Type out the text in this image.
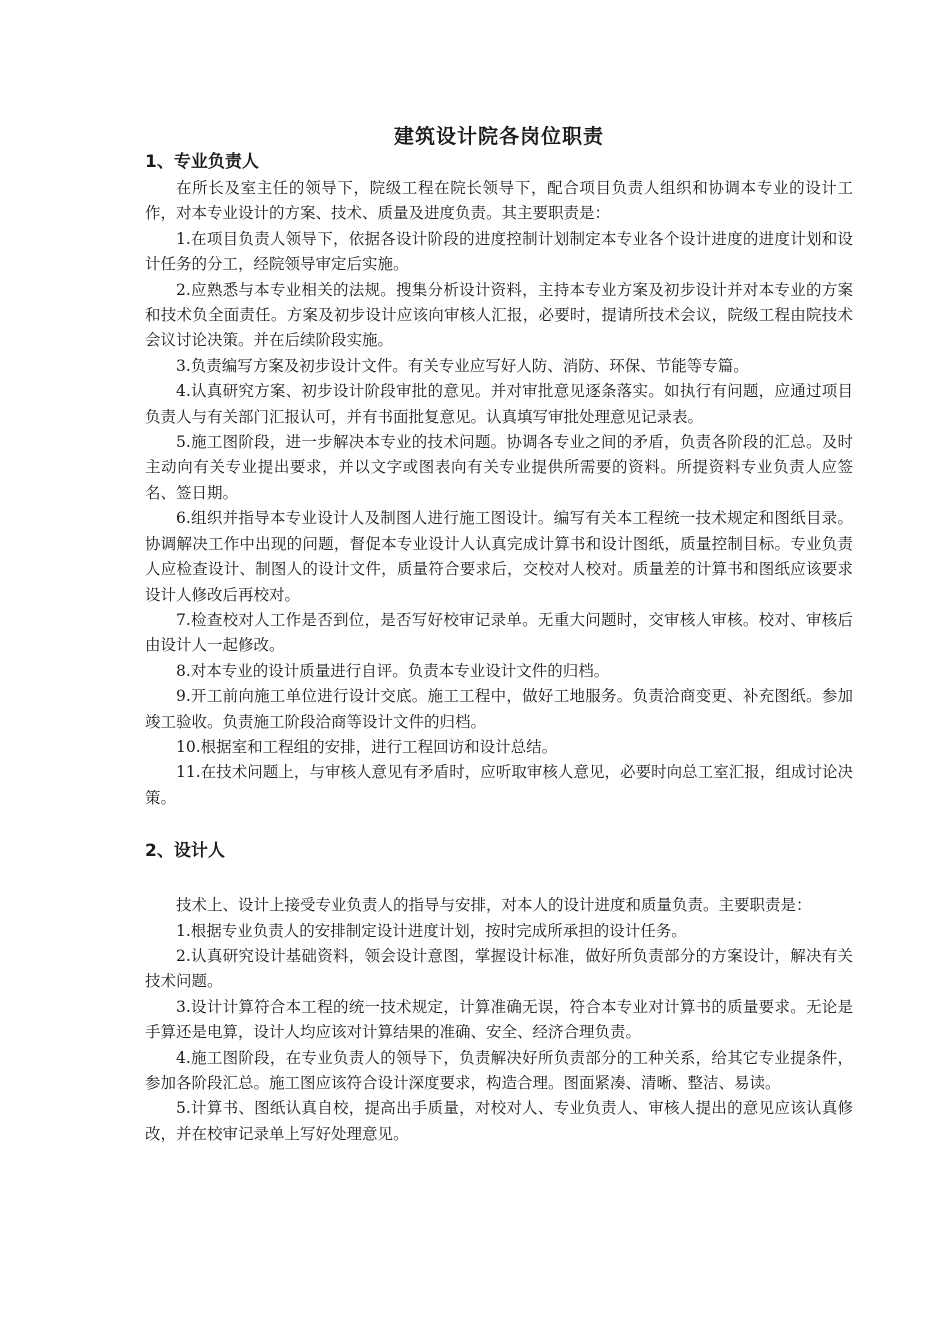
建筑设计院各岗位职责
1、专业负责人

在所长及室主任的领导下，院级工程在院长领导下，配合项目负责人组织和协调本专业的设计工作，对本专业设计的方案、技术、质量及进度负责。其主要职责是：

1.在项目负责人领导下，依据各设计阶段的进度控制计划制定本专业各个设计进度的进度计划和设计任务的分工，经院领导审定后实施。

2.应熟悉与本专业相关的法规。搜集分析设计资料，主持本专业方案及初步设计并对本专业的方案和技术负全面责任。方案及初步设计应该向审核人汇报，必要时，提请所技术会议，院级工程由院技术会议讨论决策。并在后续阶段实施。

3.负责编写方案及初步设计文件。有关专业应写好人防、消防、环保、节能等专篇。

4.认真研究方案、初步设计阶段审批的意见。并对审批意见逐条落实。如执行有问题，应通过项目负责人与有关部门汇报认可，并有书面批复意见。认真填写审批处理意见记录表。

5.施工图阶段，进一步解决本专业的技术问题。协调各专业之间的矛盾，负责各阶段的汇总。及时主动向有关专业提出要求，并以文字或图表向有关专业提供所需要的资料。所提资料专业负责人应签名、签日期。

6.组织并指导本专业设计人及制图人进行施工图设计。编写有关本工程统一技术规定和图纸目录。协调解决工作中出现的问题，督促本专业设计人认真完成计算书和设计图纸，质量控制目标。专业负责人应检查设计、制图人的设计文件，质量符合要求后，交校对人校对。质量差的计算书和图纸应该要求设计人修改后再校对。

7.检查校对人工作是否到位，是否写好校审记录单。无重大问题时，交审核人审核。校对、审核后由设计人一起修改。

8.对本专业的设计质量进行自评。负责本专业设计文件的归档。

9.开工前向施工单位进行设计交底。施工工程中，做好工地服务。负责洽商变更、补充图纸。参加竣工验收。负责施工阶段洽商等设计文件的归档。

10.根据室和工程组的安排，进行工程回访和设计总结。

11.在技术问题上，与审核人意见有矛盾时，应听取审核人意见，必要时向总工室汇报，组成讨论决策。

2、设计人

技术上、设计上接受专业负责人的指导与安排，对本人的设计进度和质量负责。主要职责是：

1.根据专业负责人的安排制定设计进度计划，按时完成所承担的设计任务。

2.认真研究设计基础资料，领会设计意图，掌握设计标准，做好所负责部分的方案设计，解决有关技术问题。

3.设计计算符合本工程的统一技术规定，计算准确无误，符合本专业对计算书的质量要求。无论是手算还是电算，设计人均应该对计算结果的准确、安全、经济合理负责。

4.施工图阶段，在专业负责人的领导下，负责解决好所负责部分的工种关系，给其它专业提条件，参加各阶段汇总。施工图应该符合设计深度要求，构造合理。图面紧凑、清晰、整洁、易读。

5.计算书、图纸认真自校，提高出手质量，对校对人、专业负责人、审核人提出的意见应该认真修改，并在校审记录单上写好处理意见。
